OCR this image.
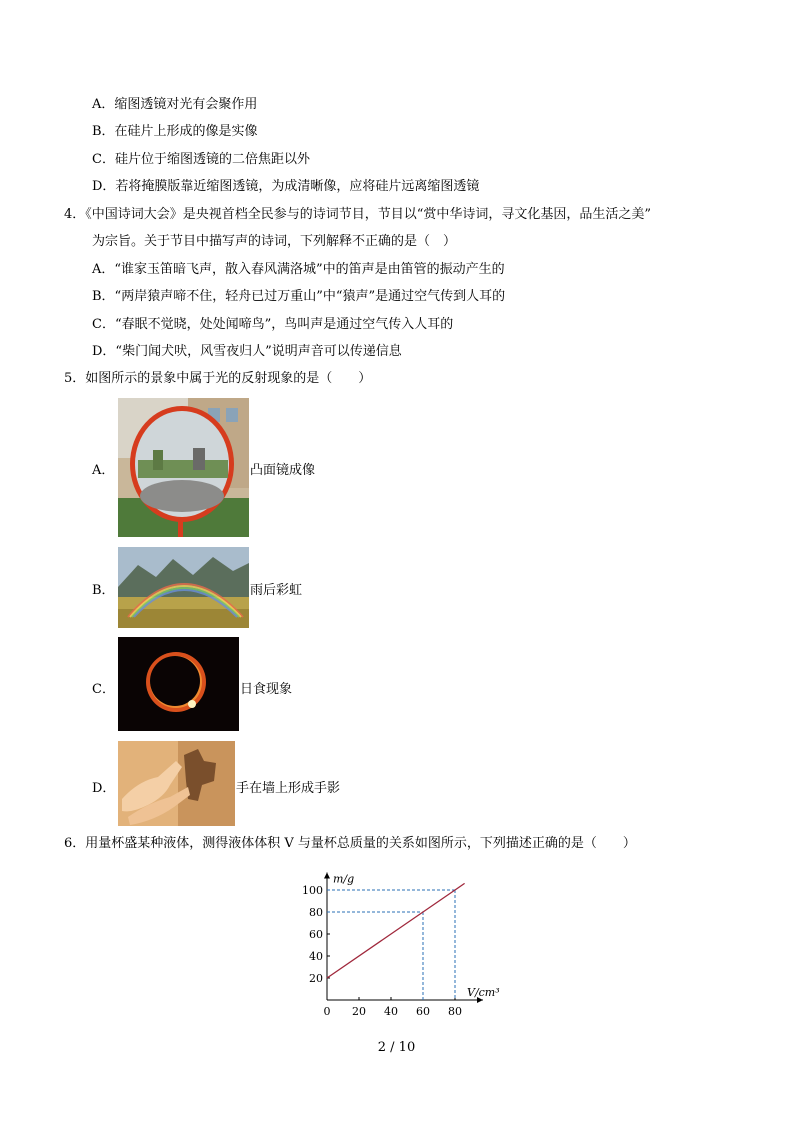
A．缩图透镜对光有会聚作用
B．在硅片上形成的像是实像
C．硅片位于缩图透镜的二倍焦距以外
D．若将掩膜版靠近缩图透镜，为成清晰像，应将硅片远离缩图透镜
4．《中国诗词大会》是央视首档全民参与的诗词节目，节目以“赏中华诗词，寻文化基因，品生活之美”
为宗旨。关于节目中描写声的诗词，下列解释不正确的是（　）
A．“谁家玉笛暗飞声，散入春风满洛城”中的笛声是由笛管的振动产生的
B．“两岸猿声啼不住，轻舟已过万重山”中“猿声”是通过空气传到人耳的
C．“春眠不觉晓，处处闻啼鸟”，鸟叫声是通过空气传入人耳的
D．“柴门闻犬吠，风雪夜归人”说明声音可以传递信息
5．如图所示的景象中属于光的反射现象的是（　　）
A．	凸面镜成像
B．	雨后彩虹
C．	日食现象
D．	手在墙上形成手影
6．用量杯盛某种液体，测得液体体积 V 与量杯总质量的关系如图所示，下列描述正确的是（　　）
20
40
60
80
100
0 20 40 60 80
m/g
V/cm³
2 / 10
